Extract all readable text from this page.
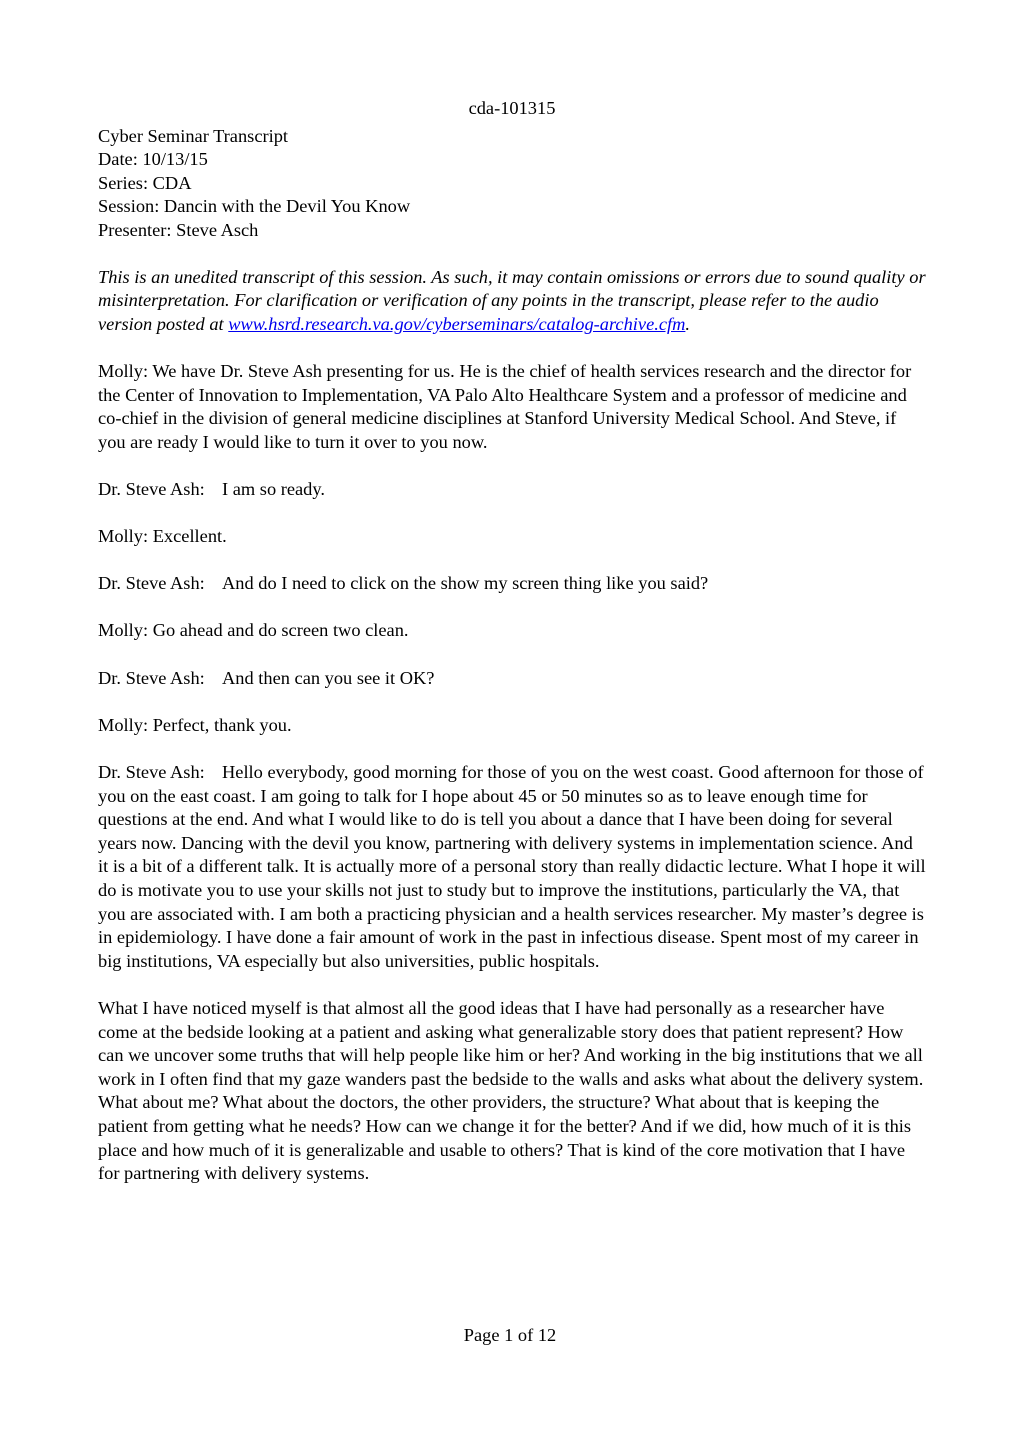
cda-101315

Cyber Seminar Transcript

Date: 10/13/15

Series: CDA

Session: Dancin with the Devil You Know

Presenter: Steve Asch

This is an unedited transcript of this session. As such, it may contain omissions or errors due to sound quality or misinterpretation. For clarification or verification of any points in the transcript, please refer to the audio version posted at www.hsrd.research.va.gov/cyberseminars/catalog-archive.cfm.

Molly: We have Dr. Steve Ash presenting for us. He is the chief of health services research and the director for the Center of Innovation to Implementation, VA Palo Alto Healthcare System and a professor of medicine and co-chief in the division of general medicine disciplines at Stanford University Medical School. And Steve, if you are ready I would like to turn it over to you now.

Dr. Steve Ash: I am so ready.

Molly: Excellent.

Dr. Steve Ash: And do I need to click on the show my screen thing like you said?

Molly: Go ahead and do screen two clean.

Dr. Steve Ash: And then can you see it OK?

Molly: Perfect, thank you.

Dr. Steve Ash: Hello everybody, good morning for those of you on the west coast. Good afternoon for those of you on the east coast. I am going to talk for I hope about 45 or 50 minutes so as to leave enough time for questions at the end. And what I would like to do is tell you about a dance that I have been doing for several years now. Dancing with the devil you know, partnering with delivery systems in implementation science. And it is a bit of a different talk. It is actually more of a personal story than really didactic lecture. What I hope it will do is motivate you to use your skills not just to study but to improve the institutions, particularly the VA, that you are associated with. I am both a practicing physician and a health services researcher. My master’s degree is in epidemiology. I have done a fair amount of work in the past in infectious disease. Spent most of my career in big institutions, VA especially but also universities, public hospitals.

What I have noticed myself is that almost all the good ideas that I have had personally as a researcher have come at the bedside looking at a patient and asking what generalizable story does that patient represent? How can we uncover some truths that will help people like him or her? And working in the big institutions that we all work in I often find that my gaze wanders past the bedside to the walls and asks what about the delivery system. What about me? What about the doctors, the other providers, the structure? What about that is keeping the patient from getting what he needs? How can we change it for the better? And if we did, how much of it is this place and how much of it is generalizable and usable to others? That is kind of the core motivation that I have for partnering with delivery systems.

Page 1 of 12
